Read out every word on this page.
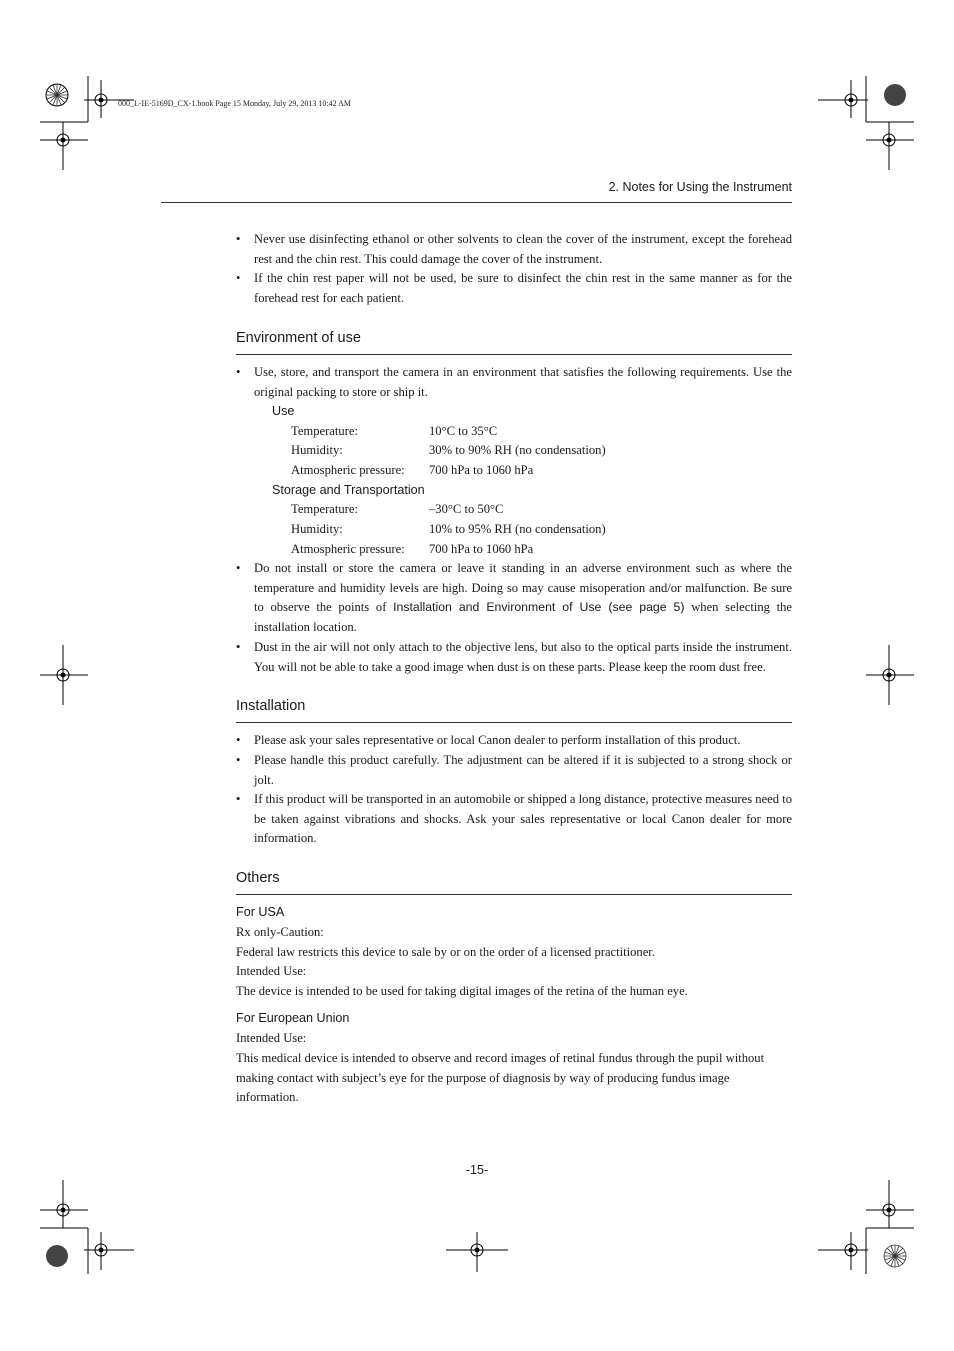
000_L-IE-5169D_CX-1.book Page 15 Monday, July 29, 2013 10:42 AM
2. Notes for Using the Instrument
• Never use disinfecting ethanol or other solvents to clean the cover of the instrument, except the forehead rest and the chin rest. This could damage the cover of the instrument.
• If the chin rest paper will not be used, be sure to disinfect the chin rest in the same manner as for the forehead rest for each patient.
Environment of use
• Use, store, and transport the camera in an environment that satisfies the following requirements. Use the original packing to store or ship it.
Use
Temperature:	10°C to 35°C
Humidity:	30% to 90% RH (no condensation)
Atmospheric pressure: 700 hPa to 1060 hPa
Storage and Transportation
Temperature:	–30°C to 50°C
Humidity:	10% to 95% RH (no condensation)
Atmospheric pressure: 700 hPa to 1060 hPa
• Do not install or store the camera or leave it standing in an adverse environment such as where the temperature and humidity levels are high. Doing so may cause misoperation and/or malfunction. Be sure to observe the points of Installation and Environment of Use (see page 5) when selecting the installation location.
• Dust in the air will not only attach to the objective lens, but also to the optical parts inside the instrument. You will not be able to take a good image when dust is on these parts. Please keep the room dust free.
Installation
• Please ask your sales representative or local Canon dealer to perform installation of this product.
• Please handle this product carefully. The adjustment can be altered if it is subjected to a strong shock or jolt.
• If this product will be transported in an automobile or shipped a long distance, protective measures need to be taken against vibrations and shocks. Ask your sales representative or local Canon dealer for more information.
Others
For USA
Rx only-Caution:
Federal law restricts this device to sale by or on the order of a licensed practitioner.
Intended Use:
The device is intended to be used for taking digital images of the retina of the human eye.
For European Union
Intended Use:
This medical device is intended to observe and record images of retinal fundus through the pupil without making contact with subject’s eye for the purpose of diagnosis by way of producing fundus image information.
-15-
